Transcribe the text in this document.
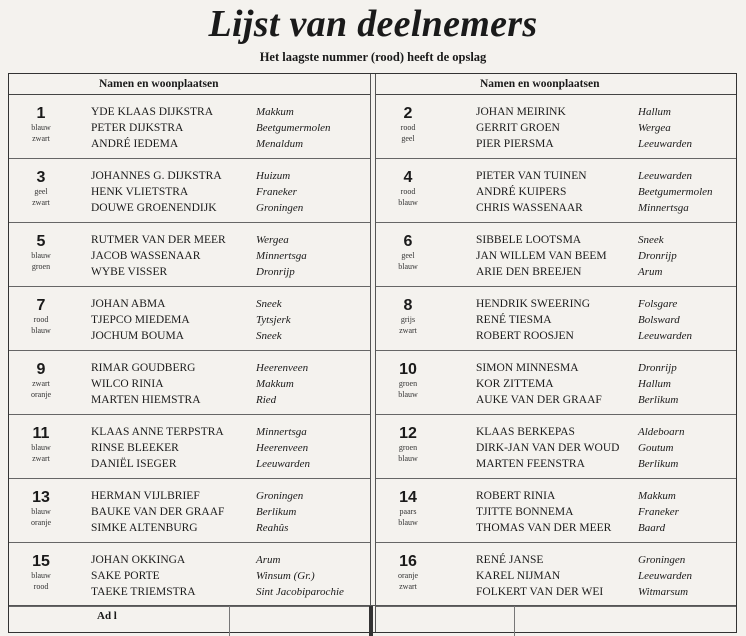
Lijst van deelnemers
Het laagste nummer (rood) heeft de opslag
Namen en woonplaatsen
1
blauw
zwart
YDE KLAAS DIJKSTRA	Makkum
PETER DIJKSTRA	Beetgumermolen
ANDRÉ IEDEMA	Menaldum
3
geel
zwart
JOHANNES G. DIJKSTRA	Huizum
HENK VLIETSTRA	Franeker
DOUWE GROENENDIJK	Groningen
5
blauw
groen
RUTMER VAN DER MEER	Wergea
JACOB WASSENAAR	Minnertsga
WYBE VISSER	Dronrijp
7
rood
blauw
JOHAN ABMA	Sneek
TJEPCO MIEDEMA	Tytsjerk
JOCHUM BOUMA	Sneek
9
zwart
oranje
RIMAR GOUDBERG	Heerenveen
WILCO RINIA	Makkum
MARTEN HIEMSTRA	Ried
11
blauw
zwart
KLAAS ANNE TERPSTRA	Minnertsga
RINSE BLEEKER	Heerenveen
DANIËL ISEGER	Leeuwarden
13
blauw
oranje
HERMAN VIJLBRIEF	Groningen
BAUKE VAN DER GRAAF	Berlikum
SIMKE ALTENBURG	Reahûs
15
blauw
rood
JOHAN OKKINGA	Arum
SAKE PORTE	Winsum (Gr.)
TAEKE TRIEMSTRA	Sint Jacobiparochie
Namen en woonplaatsen
2
rood
geel
JOHAN MEIRINK	Hallum
GERRIT GROEN	Wergea
PIER PIERSMA	Leeuwarden
4
rood
blauw
PIETER VAN TUINEN	Leeuwarden
ANDRÉ KUIPERS	Beetgumermolen
CHRIS WASSENAAR	Minnertsga
6
geel
blauw
SIBBELE LOOTSMA	Sneek
JAN WILLEM VAN BEEM	Dronrijp
ARIE DEN BREEJEN	Arum
8
grijs
zwart
HENDRIK SWEERING	Folsgare
RENÉ TIESMA	Bolsward
ROBERT ROOSJEN	Leeuwarden
10
groen
blauw
SIMON MINNESMA	Dronrijp
KOR ZITTEMA	Hallum
AUKE VAN DER GRAAF	Berlikum
12
groen
blauw
KLAAS BERKEPAS	Aldeboarn
DIRK-JAN VAN DER WOUD Goutum
MARTEN FEENSTRA	Berlikum
14
paars
blauw
ROBERT RINIA	Makkum
TJITTE BONNEMA	Franeker
THOMAS VAN DER MEER Baard
16
oranje
zwart
RENÉ JANSE	Groningen
KAREL NIJMAN	Leeuwarden
FOLKERT VAN DER WEI	Witmarsum
Ad l
